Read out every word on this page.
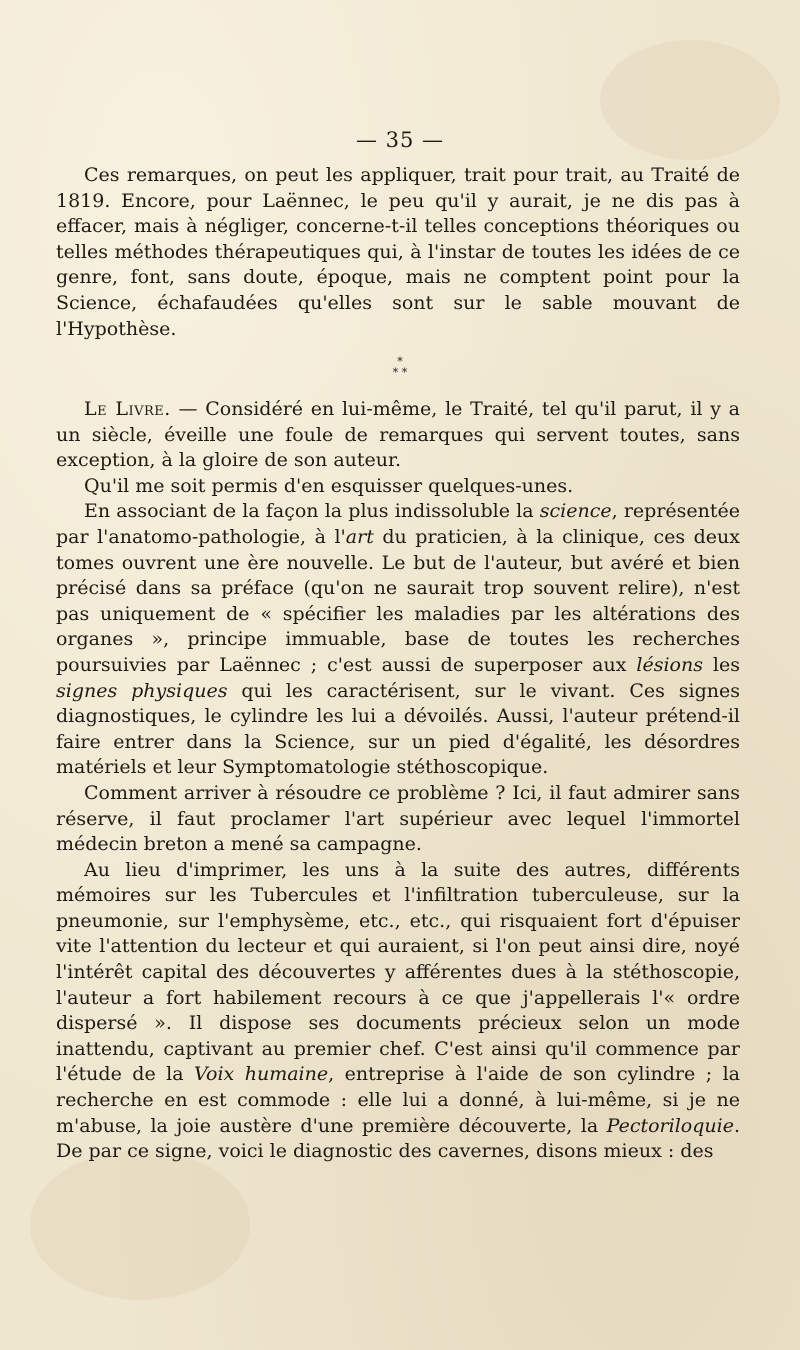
— 35 —

Ces remarques, on peut les appliquer, trait pour trait, au Traité de 1819. Encore, pour Laënnec, le peu qu'il y aurait, je ne dis pas à effacer, mais à négliger, concerne-t-il telles conceptions théoriques ou telles méthodes thérapeutiques qui, à l'instar de toutes les idées de ce genre, font, sans doute, époque, mais ne comptent point pour la Science, échafaudées qu'elles sont sur le sable mouvant de l'Hypothèse.

*
* *

Le Livre. — Considéré en lui-même, le Traité, tel qu'il parut, il y a un siècle, éveille une foule de remarques qui servent toutes, sans exception, à la gloire de son auteur.

Qu'il me soit permis d'en esquisser quelques-unes.

En associant de la façon la plus indissoluble la science, représentée par l'anatomo-pathologie, à l'art du praticien, à la clinique, ces deux tomes ouvrent une ère nouvelle. Le but de l'auteur, but avéré et bien précisé dans sa préface (qu'on ne saurait trop souvent relire), n'est pas uniquement de « spécifier les maladies par les altérations des organes », principe immuable, base de toutes les recherches poursuivies par Laënnec ; c'est aussi de superposer aux lésions les signes physiques qui les caractérisent, sur le vivant. Ces signes diagnostiques, le cylindre les lui a dévoilés. Aussi, l'auteur prétend-il faire entrer dans la Science, sur un pied d'égalité, les désordres matériels et leur Symptomatologie stéthoscopique.

Comment arriver à résoudre ce problème ? Ici, il faut admirer sans réserve, il faut proclamer l'art supérieur avec lequel l'immortel médecin breton a mené sa campagne.

Au lieu d'imprimer, les uns à la suite des autres, différents mémoires sur les Tubercules et l'infiltration tuberculeuse, sur la pneumonie, sur l'emphysème, etc., etc., qui risquaient fort d'épuiser vite l'attention du lecteur et qui auraient, si l'on peut ainsi dire, noyé l'intérêt capital des découvertes y afférentes dues à la stéthoscopie, l'auteur a fort habilement recours à ce que j'appellerais l'« ordre dispersé ». Il dispose ses documents précieux selon un mode inattendu, captivant au premier chef. C'est ainsi qu'il commence par l'étude de la Voix humaine, entreprise à l'aide de son cylindre ; la recherche en est commode : elle lui a donné, à lui-même, si je ne m'abuse, la joie austère d'une première découverte, la Pectoriloquie. De par ce signe, voici le diagnostic des cavernes, disons mieux : des
